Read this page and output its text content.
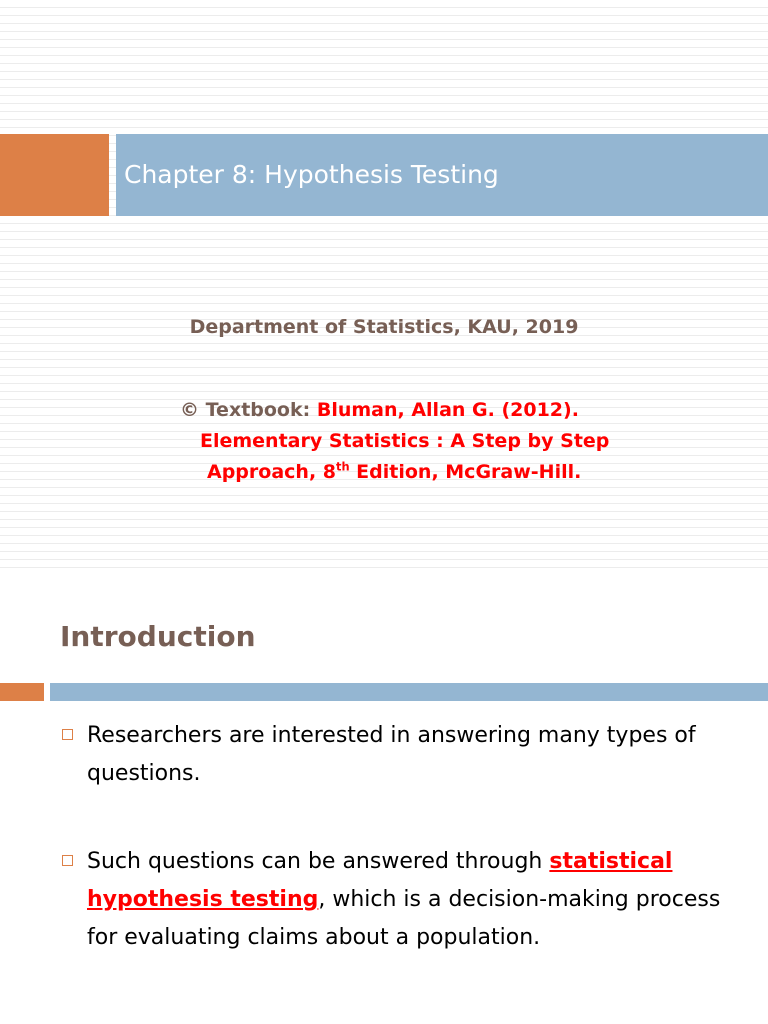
Chapter 8: Hypothesis Testing
Department of Statistics, KAU, 2019
© Textbook: Bluman, Allan G. (2012).
Elementary Statistics : A Step by Step
Approach, 8th Edition, McGraw-Hill.
Introduction
Researchers are interested in answering many types of questions.
Such questions can be answered through statistical hypothesis testing, which is a decision-making process for evaluating claims about a population.
